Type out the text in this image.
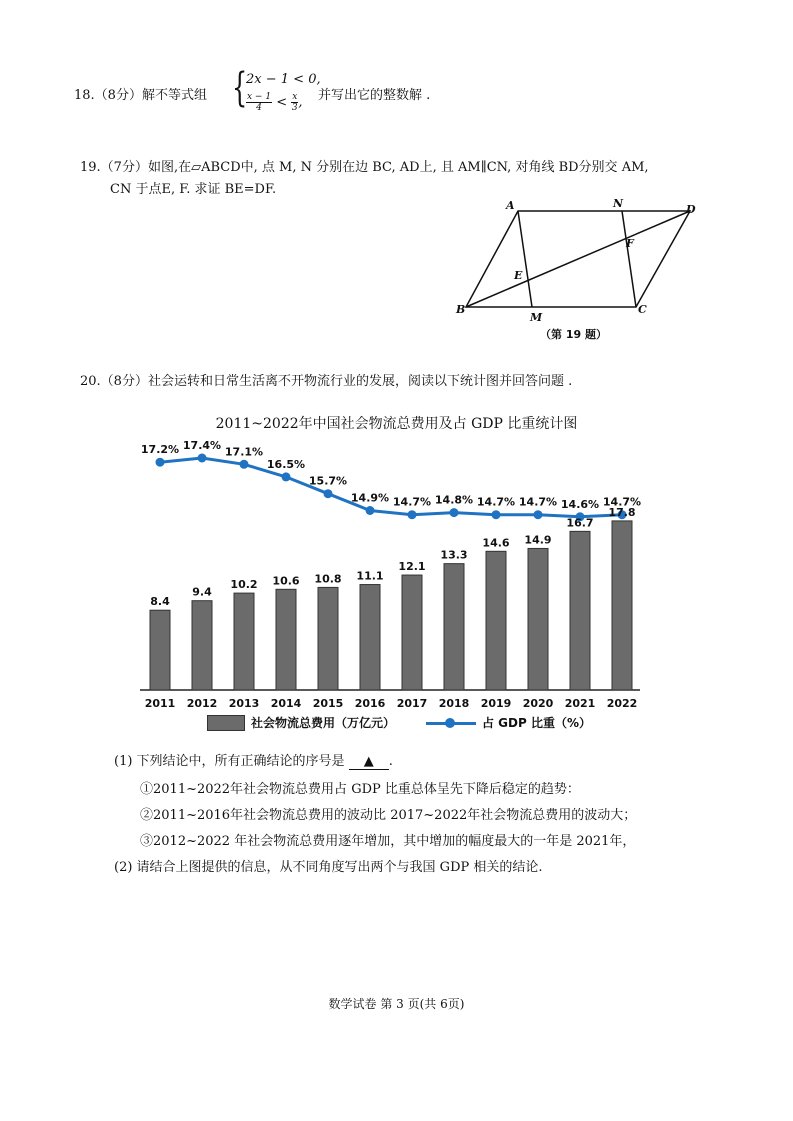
18.（8分）解不等式组 {
2x − 1 < 0,
$\frac{x - 1}{4} < \frac{x}{3}$ , 并写出它的整数解 .
19.（7分）如图,在▱ABCD中, 点 M, N 分别在边 BC, AD上, 且 AM∥CN, 对角线 BD分别交 AM,
CN 于点E, F. 求证 BE=DF.
A	N	D
F
E
B
M
C
（第 19 题）
20.（8分）社会运转和日常生活离不开物流行业的发展，阅读以下统计图并回答问题 .
2011~2022年中国社会物流总费用及占 GDP 比重统计图
8.4
2011
17.2%
9.4
2012
17.4%
10.2
2013
17.1%
10.6
2014
16.5%
10.8
2015
15.7%
11.1
2016
14.9%
12.1
2017
14.7%
13.3
2018
14.8%
14.6
2019
14.7%
14.9
2020
14.7%
16.7
2021
14.6%
17.8
2022
14.7%
社会物流总费用（万亿元）	占 GDP 比重（%）
(1) 下列结论中，所有正确结论的序号是 ▲ .
①2011~2022年社会物流总费用占 GDP 比重总体呈先下降后稳定的趋势：
②2011~2016年社会物流总费用的波动比 2017~2022年社会物流总费用的波动大；
③2012~2022 年社会物流总费用逐年增加，其中增加的幅度最大的一年是 2021年，
(2) 请结合上图提供的信息，从不同角度写出两个与我国 GDP 相关的结论.
数学试卷 第 3 页(共 6页)
